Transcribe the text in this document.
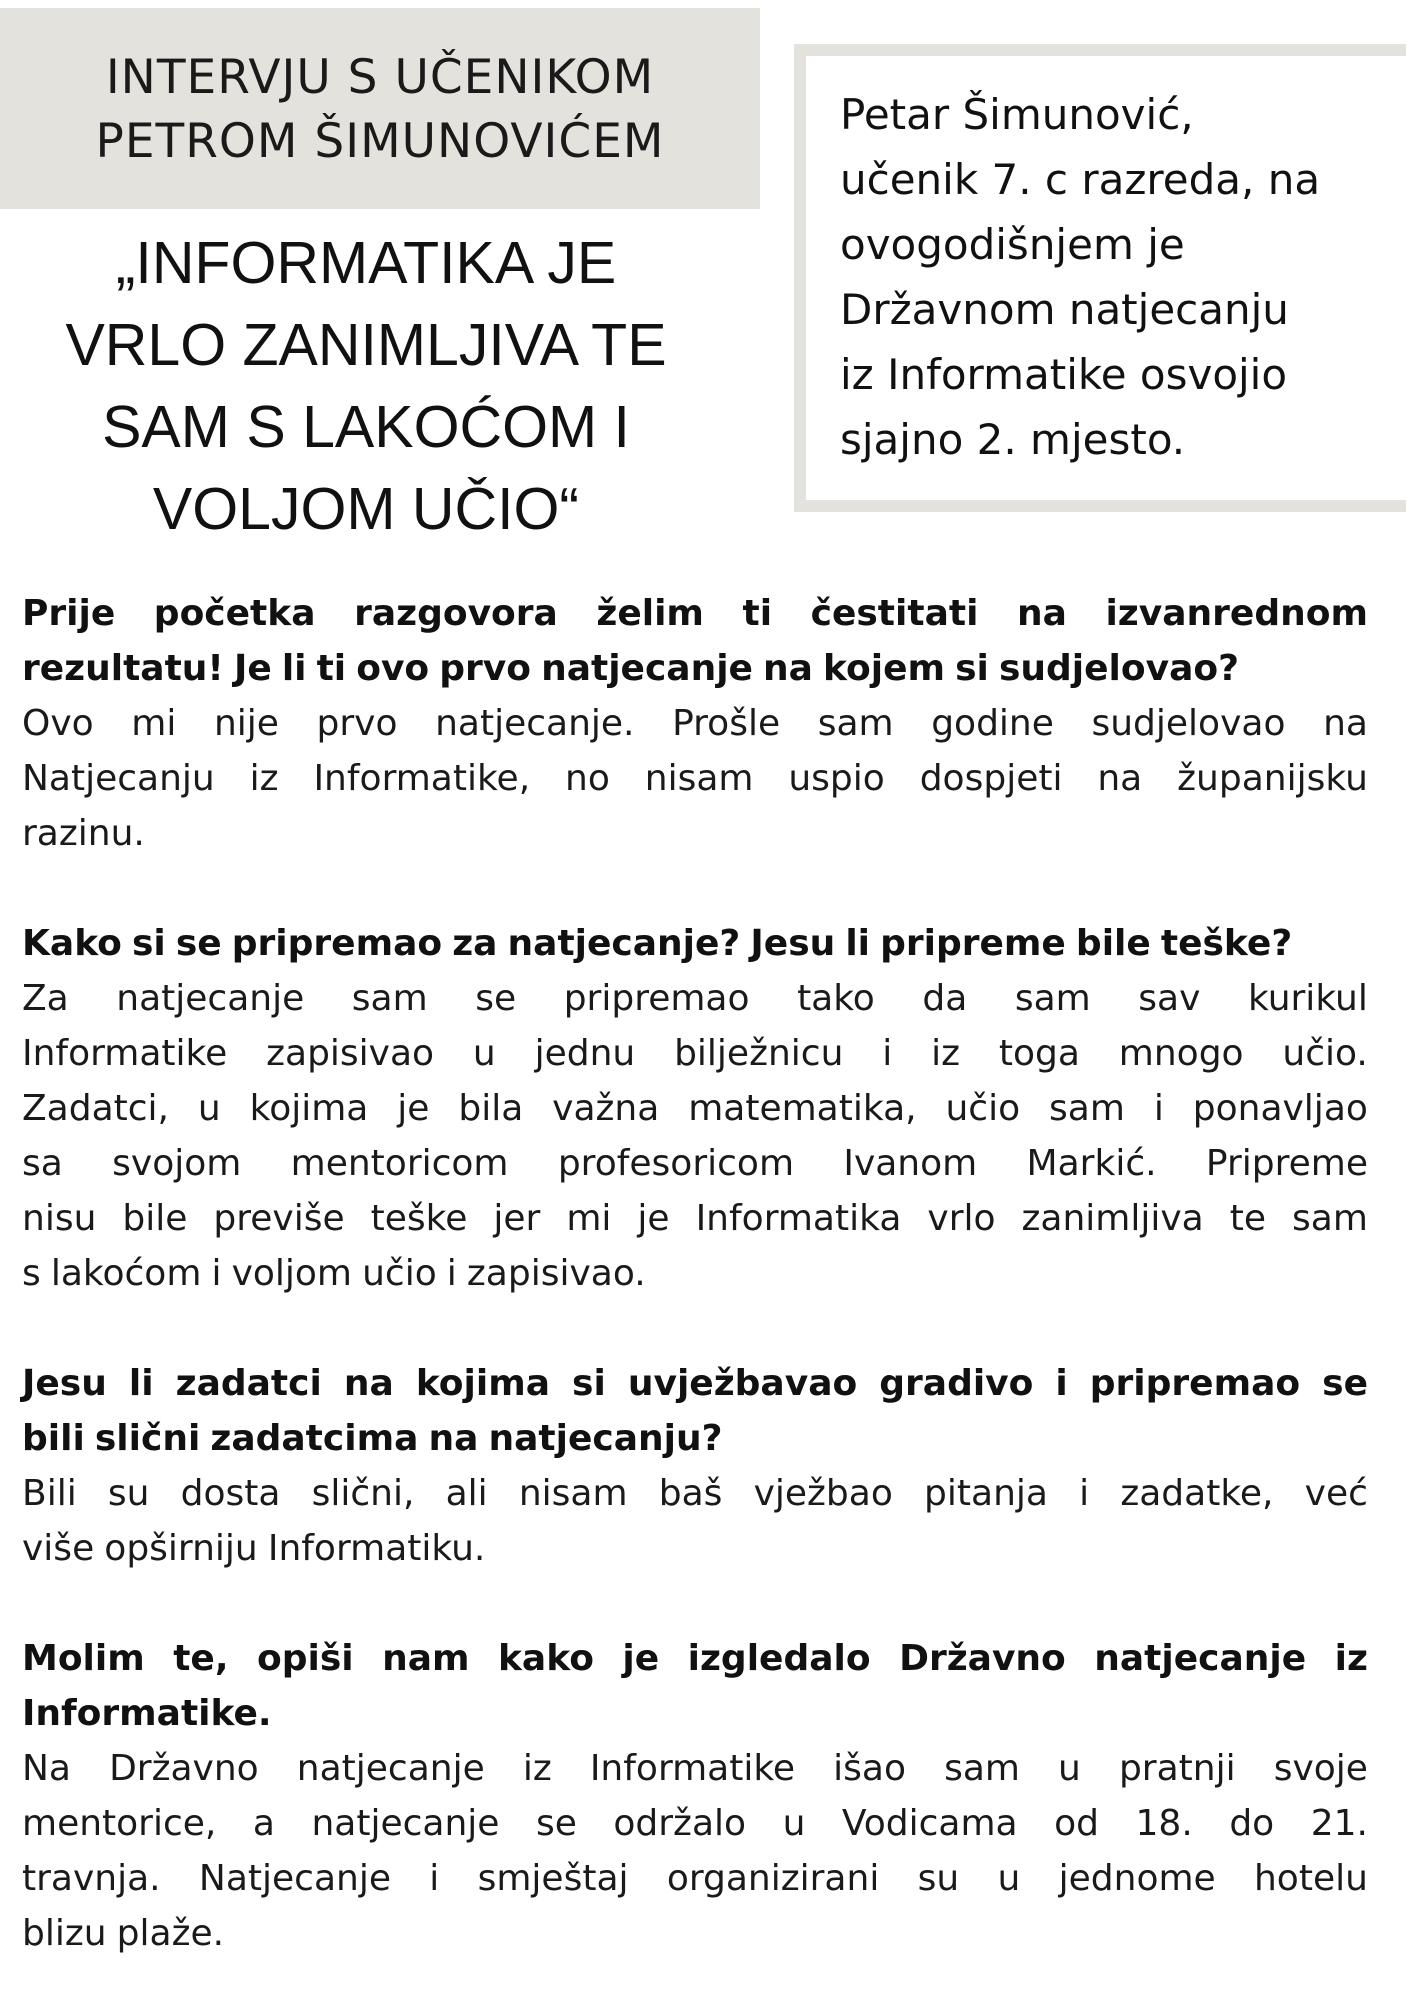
INTERVJU S UČENIKOM
PETROM ŠIMUNOVIĆEM
„INFORMATIKA JE
VRLO ZANIMLJIVA TE
SAM S LAKOĆOM I
VOLJOM UČIO“
Petar Šimunović,
učenik 7. c razreda, na
ovogodišnjem je
Državnom natjecanju
iz Informatike osvojio
sjajno 2. mjesto.
Prije početka razgovora želim ti čestitati na izvanrednom
rezultatu! Je li ti ovo prvo natjecanje na kojem si sudjelovao?
Ovo mi nije prvo natjecanje. Prošle sam godine sudjelovao na
Natjecanju iz Informatike, no nisam uspio dospjeti na županijsku
razinu.
Kako si se pripremao za natjecanje? Jesu li pripreme bile teške?
Za natjecanje sam se pripremao tako da sam sav kurikul
Informatike zapisivao u jednu bilježnicu i iz toga mnogo učio.
Zadatci, u kojima je bila važna matematika, učio sam i ponavljao
sa svojom mentoricom profesoricom Ivanom Markić. Pripreme
nisu bile previše teške jer mi je Informatika vrlo zanimljiva te sam
s lakoćom i voljom učio i zapisivao.
Jesu li zadatci na kojima si uvježbavao gradivo i pripremao se
bili slični zadatcima na natjecanju?
Bili su dosta slični, ali nisam baš vježbao pitanja i zadatke, već
više opširniju Informatiku.
Molim te, opiši nam kako je izgledalo Državno natjecanje iz
Informatike.
Na Državno natjecanje iz Informatike išao sam u pratnji svoje
mentorice, a natjecanje se održalo u Vodicama od 18. do 21.
travnja. Natjecanje i smještaj organizirani su u jednome hotelu
blizu plaže.
